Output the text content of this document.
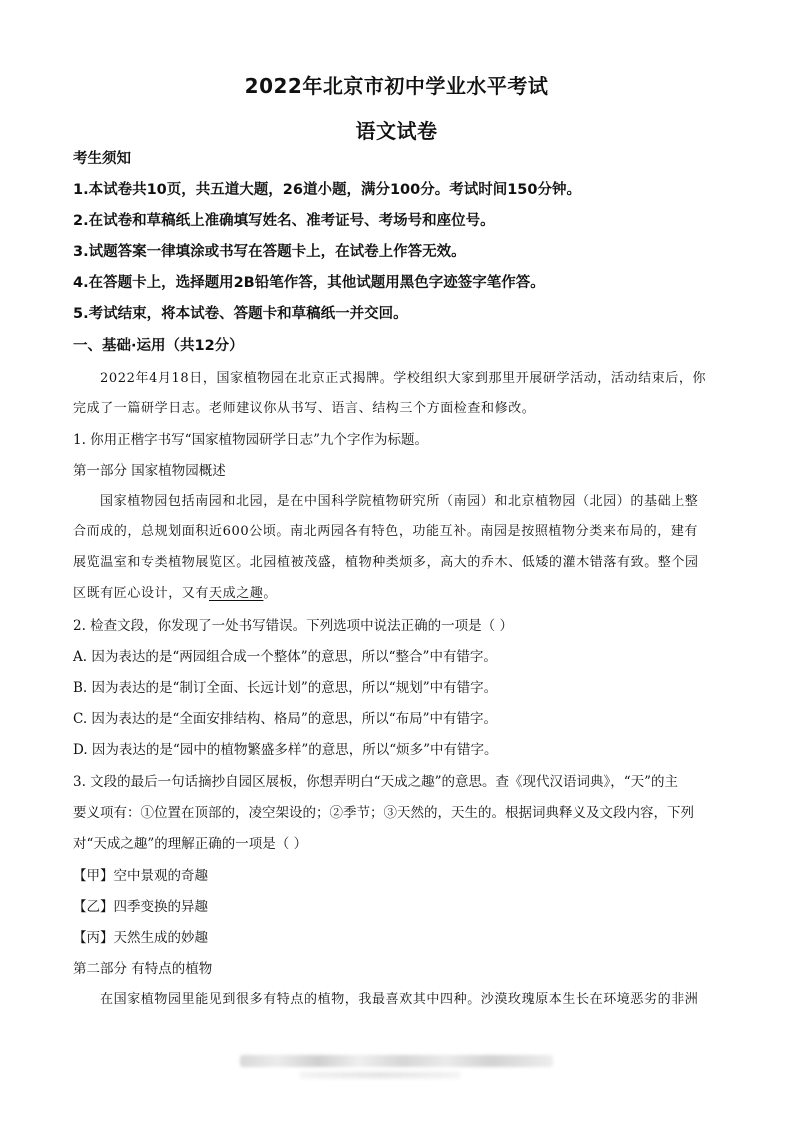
2022年北京市初中学业水平考试
语文试卷
考生须知
1.本试卷共10页，共五道大题，26道小题，满分100分。考试时间150分钟。
2.在试卷和草稿纸上准确填写姓名、准考证号、考场号和座位号。
3.试题答案一律填涂或书写在答题卡上，在试卷上作答无效。
4.在答题卡上，选择题用2B铅笔作答，其他试题用黑色字迹签字笔作答。
5.考试结束，将本试卷、答题卡和草稿纸一并交回。
一、基础·运用（共12分）
2022年4月18日，国家植物园在北京正式揭牌。学校组织大家到那里开展研学活动，活动结束后，你
完成了一篇研学日志。老师建议你从书写、语言、结构三个方面检查和修改。
1. 你用正楷字书写“国家植物园研学日志”九个字作为标题。
第一部分 国家植物园概述
国家植物园包括南园和北园，是在中国科学院植物研究所（南园）和北京植物园（北园）的基础上整
合而成的，总规划面积近600公顷。南北两园各有特色，功能互补。南园是按照植物分类来布局的，建有
展览温室和专类植物展览区。北园植被茂盛，植物种类烦多，高大的乔木、低矮的灌木错落有致。整个园
区既有匠心设计，又有天成之趣。
2. 检查文段，你发现了一处书写错误。下列选项中说法正确的一项是（ ）
A. 因为表达的是“两园组合成一个整体”的意思，所以“整合”中有错字。
B. 因为表达的是“制订全面、长远计划”的意思，所以“规划”中有错字。
C. 因为表达的是“全面安排结构、格局”的意思，所以“布局”中有错字。
D. 因为表达的是“园中的植物繁盛多样”的意思，所以“烦多”中有错字。
3. 文段的最后一句话摘抄自园区展板，你想弄明白“天成之趣”的意思。查《现代汉语词典》，“天”的主
要义项有：①位置在顶部的，凌空架设的；②季节；③天然的，天生的。根据词典释义及文段内容，下列
对“天成之趣”的理解正确的一项是（ ）
【甲】空中景观的奇趣
【乙】四季变换的异趣
【丙】天然生成的妙趣
第二部分 有特点的植物
在国家植物园里能见到很多有特点的植物，我最喜欢其中四种。沙漠玫瑰原本生长在环境恶劣的非洲
